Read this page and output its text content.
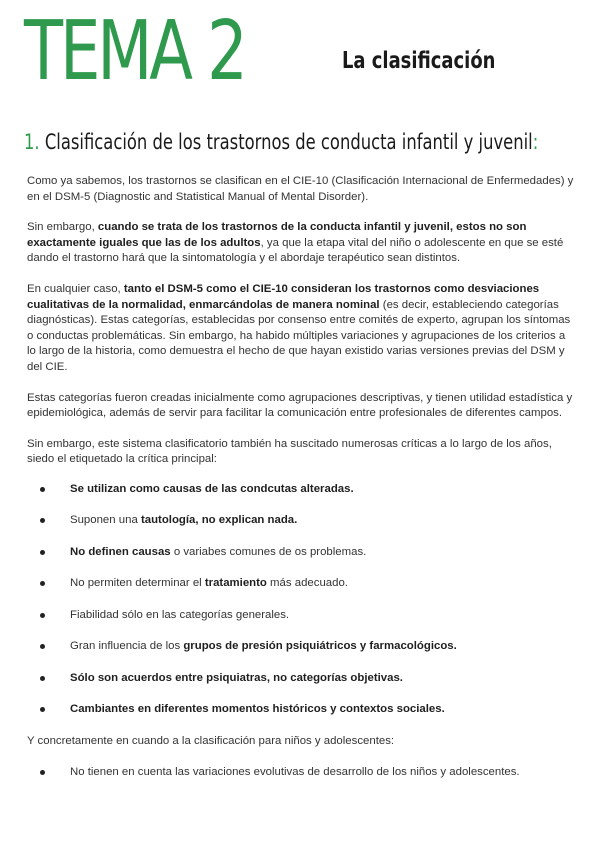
TEMA 2	La clasificación
1. Clasificación de los trastornos de conducta infantil y juvenil:

Como ya sabemos, los trastornos se clasifican en el CIE-10 (Clasificación Internacional de Enfermedades) y en el DSM-5 (Diagnostic and Statistical Manual of Mental Disorder).

Sin embargo, cuando se trata de los trastornos de la conducta infantil y juvenil, estos no son exactamente iguales que las de los adultos, ya que la etapa vital del niño o adolescente en que se esté dando el trastorno hará que la sintomatología y el abordaje terapéutico sean distintos.

En cualquier caso, tanto el DSM-5 como el CIE-10 consideran los trastornos como desviaciones cualitativas de la normalidad, enmarcándolas de manera nominal (es decir, estableciendo categorías diagnósticas). Estas categorías, establecidas por consenso entre comités de experto, agrupan los síntomas o conductas problemáticas. Sin embargo, ha habido múltiples variaciones y agrupaciones de los criterios a lo largo de la historia, como demuestra el hecho de que hayan existido varias versiones previas del DSM y del CIE.

Estas categorías fueron creadas inicialmente como agrupaciones descriptivas, y tienen utilidad estadística y epidemiológica, además de servir para facilitar la comunicación entre profesionales de diferentes campos.

Sin embargo, este sistema clasificatorio también ha suscitado numerosas críticas a lo largo de los años, siedo el etiquetado la crítica principal:

Se utilizan como causas de las condcutas alteradas.
Suponen una tautología, no explican nada.
No definen causas o variabes comunes de os problemas.
No permiten determinar el tratamiento más adecuado.
Fiabilidad sólo en las categorías generales.
Gran influencia de los grupos de presión psiquiátricos y farmacológicos.
Sólo son acuerdos entre psiquiatras, no categorías objetivas.
Cambiantes en diferentes momentos históricos y contextos sociales.

Y concretamente en cuando a la clasificación para niños y adolescentes:

No tienen en cuenta las variaciones evolutivas de desarrollo de los niños y adolescentes.
